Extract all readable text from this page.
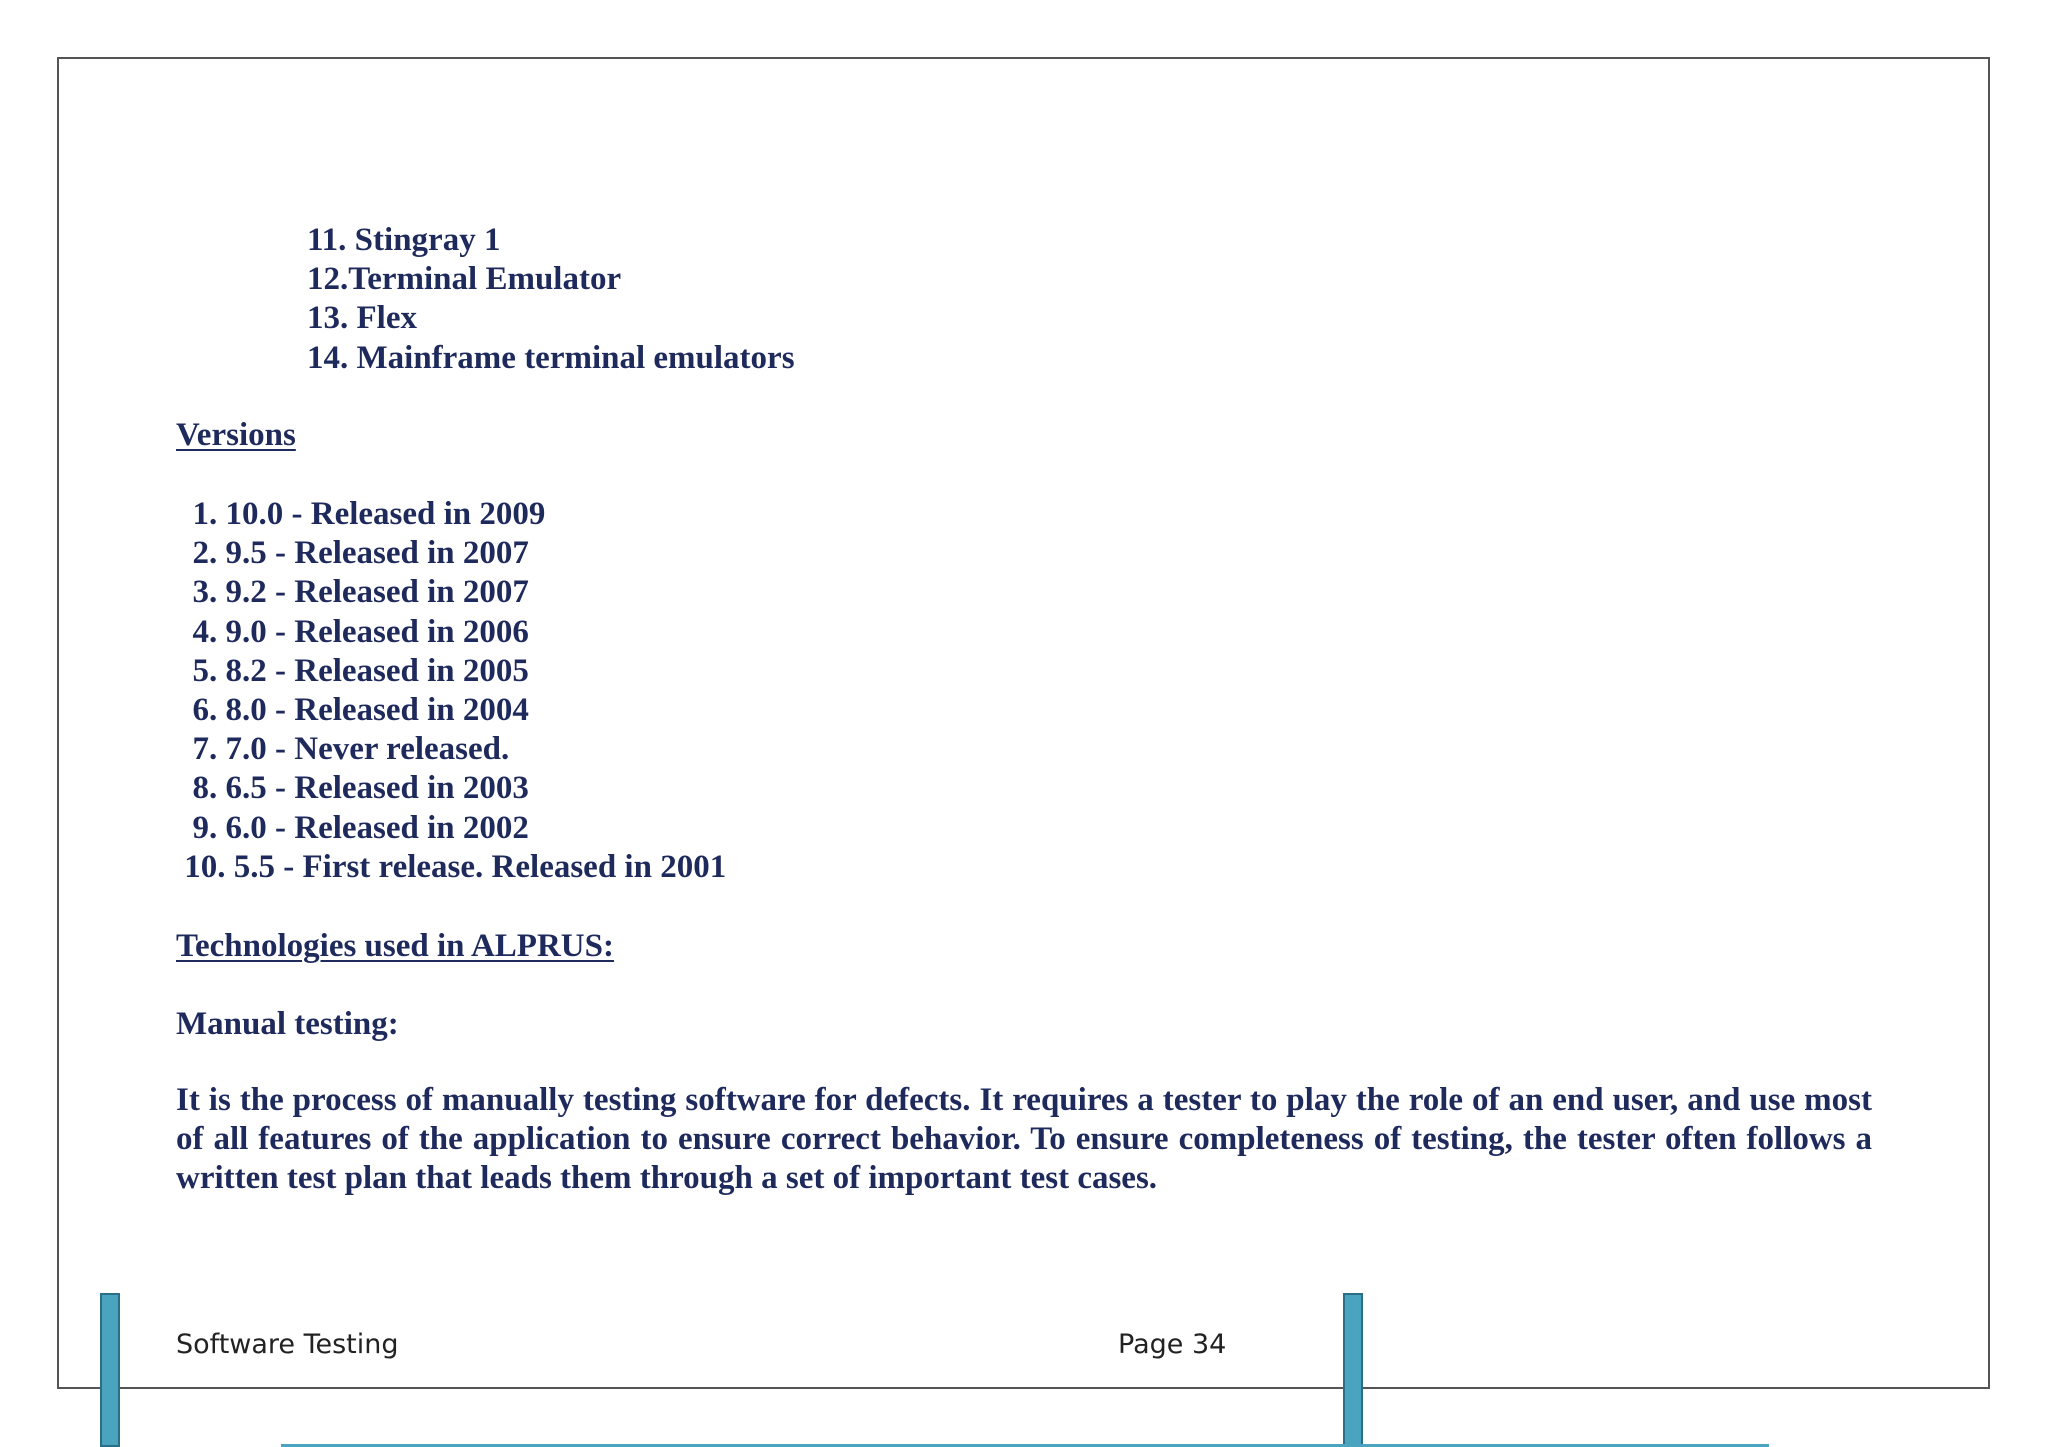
11. Stingray 1
12.Terminal Emulator
13. Flex
14. Mainframe terminal emulators
Versions
1. 10.0 - Released in 2009
2. 9.5 - Released in 2007
3. 9.2 - Released in 2007
4. 9.0 - Released in 2006
5. 8.2 - Released in 2005
6. 8.0 - Released in 2004
7. 7.0 - Never released.
8. 6.5 - Released in 2003
9. 6.0 - Released in 2002
10. 5.5 - First release. Released in 2001
Technologies used in ALPRUS:
Manual testing:
It is the process of manually testing software for defects. It requires a tester to play the role of an end user, and use most of all features of the application to ensure correct behavior. To ensure completeness of testing, the tester often follows a written test plan that leads them through a set of important test cases.
Software Testing	Page 34
